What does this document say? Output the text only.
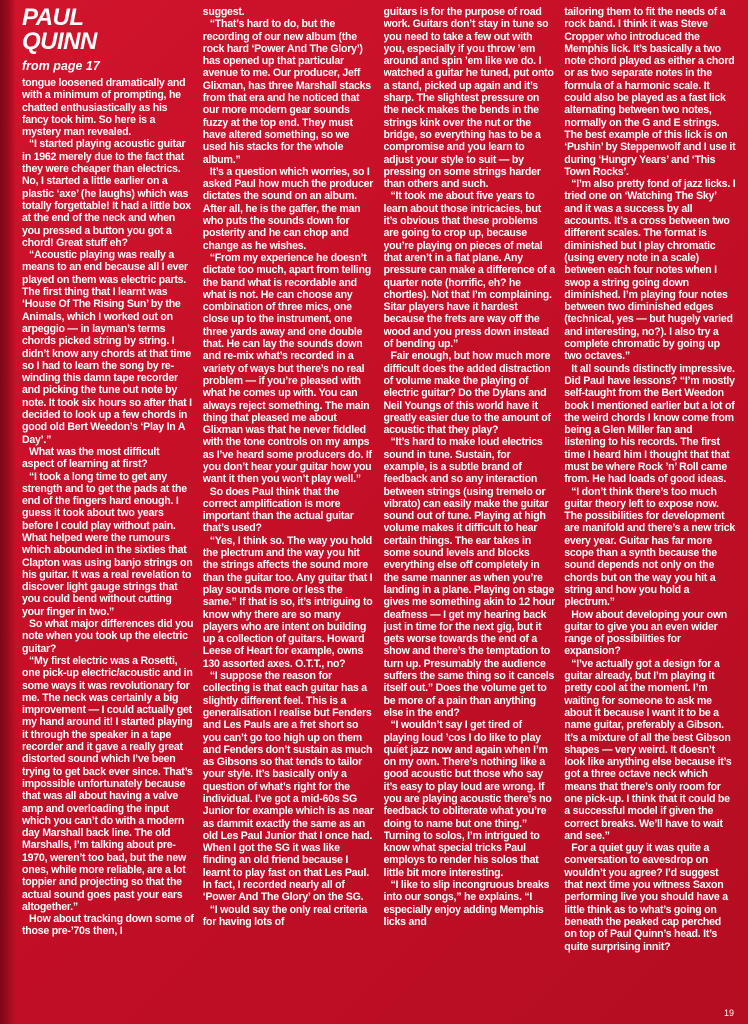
PAUL
QUINN
from page 17

tongue loosened dramatically and with a minimum of prompting, he chatted enthusiastically as his fancy took him. So here is a mystery man revealed.

“I started playing acoustic guitar in 1962 merely due to the fact that they were cheaper than electrics. No, I started a little earlier on a plastic ‘axe’ (he laughs) which was totally forgettable! It had a little box at the end of the neck and when you pressed a button you got a chord! Great stuff eh?

“Acoustic playing was really a means to an end because all I ever played on them was electric parts. The first thing that I learnt was ‘House Of The Rising Sun’ by the Animals, which I worked out on arpeggio — in layman’s terms chords picked string by string. I didn’t know any chords at that time so I had to learn the song by re-winding this damn tape recorder and picking the tune out note by note. It took six hours so after that I decided to look up a few chords in good old Bert Weedon’s ‘Play In A Day’.”

What was the most difficult aspect of learning at first?

“I took a long time to get any strength and to get the pads at the end of the fingers hard enough. I guess it took about two years before I could play without pain. What helped were the rumours which abounded in the sixties that Clapton was using banjo strings on his guitar. It was a real revelation to discover light gauge strings that you could bend without cutting your finger in two.”

So what major differences did you note when you took up the electric guitar?

“My first electric was a Rosetti, one pick-up electric/acoustic and in some ways it was revolutionary for me. The neck was certainly a big improvement — I could actually get my hand around it! I started playing it through the speaker in a tape recorder and it gave a really great distorted sound which I’ve been trying to get back ever since. That’s impossible unfortunately because that was all about having a valve amp and overloading the input which you can’t do with a modern day Marshall back line. The old Marshalls, I’m talking about pre-1970, weren’t too bad, but the new ones, while more reliable, are a lot toppier and projecting so that the actual sound goes past your ears altogether.”

How about tracking down some of those pre-’70s then, I

suggest.

“That’s hard to do, but the recording of our new album (the rock hard ‘Power And The Glory’) has opened up that particular avenue to me. Our producer, Jeff Glixman, has three Marshall stacks from that era and he noticed that our more modern gear sounds fuzzy at the top end. They must have altered something, so we used his stacks for the whole album.”

It’s a question which worries, so I asked Paul how much the producer dictates the sound on an album. After all, he is the gaffer, the man who puts the sounds down for posterity and he can chop and change as he wishes.

“From my experience he doesn’t dictate too much, apart from telling the band what is recordable and what is not. He can choose any combination of three mics, one close up to the instrument, one three yards away and one double that. He can lay the sounds down and re-mix what’s recorded in a variety of ways but there’s no real problem — if you’re pleased with what he comes up with. You can always reject something. The main thing that pleased me about Glixman was that he never fiddled with the tone controls on my amps as I’ve heard some producers do. If you don’t hear your guitar how you want it then you won’t play well.”

So does Paul think that the correct amplification is more important than the actual guitar that’s used?

“Yes, I think so. The way you hold the plectrum and the way you hit the strings affects the sound more than the guitar too. Any guitar that I play sounds more or less the same.” If that is so, it’s intriguing to know why there are so many players who are intent on building up a collection of guitars. Howard Leese of Heart for example, owns 130 assorted axes. O.T.T., no?

“I suppose the reason for collecting is that each guitar has a slightly different feel. This is a generalisation I realise but Fenders and Les Pauls are a fret short so you can’t go too high up on them and Fenders don’t sustain as much as Gibsons so that tends to tailor your style. It’s basically only a question of what’s right for the individual. I’ve got a mid-60s SG Junior for example which is as near as dammit exactly the same as an old Les Paul Junior that I once had. When I got the SG it was like finding an old friend because I learnt to play fast on that Les Paul. In fact, I recorded nearly all of ‘Power And The Glory’ on the SG.

“I would say the only real criteria for having lots of

guitars is for the purpose of road work. Guitars don’t stay in tune so you need to take a few out with you, especially if you throw ’em around and spin ’em like we do. I watched a guitar he tuned, put onto a stand, picked up again and it’s sharp. The slightest pressure on the neck makes the bends in the strings kink over the nut or the bridge, so everything has to be a compromise and you learn to adjust your style to suit — by pressing on some strings harder than others and such.

“It took me about five years to learn about those intricacies, but it’s obvious that these problems are going to crop up, because you’re playing on pieces of metal that aren’t in a flat plane. Any pressure can make a difference of a quarter note (horrific, eh? he chortles). Not that I’m complaining. Sitar players have it hardest because the frets are way off the wood and you press down instead of bending up.”

Fair enough, but how much more difficult does the added distraction of volume make the playing of electric guitar? Do the Dylans and Neil Youngs of this world have it greatly easier due to the amount of acoustic that they play?

“It’s hard to make loud electrics sound in tune. Sustain, for example, is a subtle brand of feedback and so any interaction between strings (using tremelo or vibrato) can easily make the guitar sound out of tune. Playing at high volume makes it difficult to hear certain things. The ear takes in some sound levels and blocks everything else off completely in the same manner as when you’re landing in a plane. Playing on stage gives me something akin to 12 hour deafness — I get my hearing back just in time for the next gig, but it gets worse towards the end of a show and there’s the temptation to turn up. Presumably the audience suffers the same thing so it cancels itself out.” Does the volume get to be more of a pain than anything else in the end?

“I wouldn’t say I get tired of playing loud ’cos I do like to play quiet jazz now and again when I’m on my own. There’s nothing like a good acoustic but those who say it’s easy to play loud are wrong. If you are playing acoustic there’s no feedback to obliterate what you’re doing to name but one thing.” Turning to solos, I’m intrigued to know what special tricks Paul employs to render his solos that little bit more interesting.

“I like to slip incongruous breaks into our songs,” he explains. “I especially enjoy adding Memphis licks and

tailoring them to fit the needs of a rock band. I think it was Steve Cropper who introduced the Memphis lick. It’s basically a two note chord played as either a chord or as two separate notes in the formula of a harmonic scale. It could also be played as a fast lick alternating between two notes, normally on the G and E strings. The best example of this lick is on ‘Pushin’ by Steppenwolf and I use it during ‘Hungry Years’ and ‘This Town Rocks’.

“I’m also pretty fond of jazz licks. I tried one on ‘Watching The Sky’ and it was a success by all accounts. It’s a cross between two different scales. The format is diminished but I play chromatic (using every note in a scale) between each four notes when I swop a string going down diminished. I’m playing four notes between two diminished edges (technical, yes — but hugely varied and interesting, no?). I also try a complete chromatic by going up two octaves.”

It all sounds distinctly impressive. Did Paul have lessons? “I’m mostly self-taught from the Bert Weedon book I mentioned earlier but a lot of the weird chords I know come from being a Glen Miller fan and listening to his records. The first time I heard him I thought that that must be where Rock ’n’ Roll came from. He had loads of good ideas.

“I don’t think there’s too much guitar theory left to expose now. The possibilities for development are manifold and there’s a new trick every year. Guitar has far more scope than a synth because the sound depends not only on the chords but on the way you hit a string and how you hold a plectrum.”

How about developing your own guitar to give you an even wider range of possibilities for expansion?

“I’ve actually got a design for a guitar already, but I’m playing it pretty cool at the moment. I’m waiting for someone to ask me about it because I want it to be a name guitar, preferably a Gibson. It’s a mixture of all the best Gibson shapes — very weird. It doesn’t look like anything else because it’s got a three octave neck which means that there’s only room for one pick-up. I think that it could be a successful model if given the correct breaks. We’ll have to wait and see.”

For a quiet guy it was quite a conversation to eavesdrop on wouldn’t you agree? I’d suggest that next time you witness Saxon performing live you should have a little think as to what’s going on beneath the peaked cap perched on top of Paul Quinn’s head. It’s quite surprising innit?

19
